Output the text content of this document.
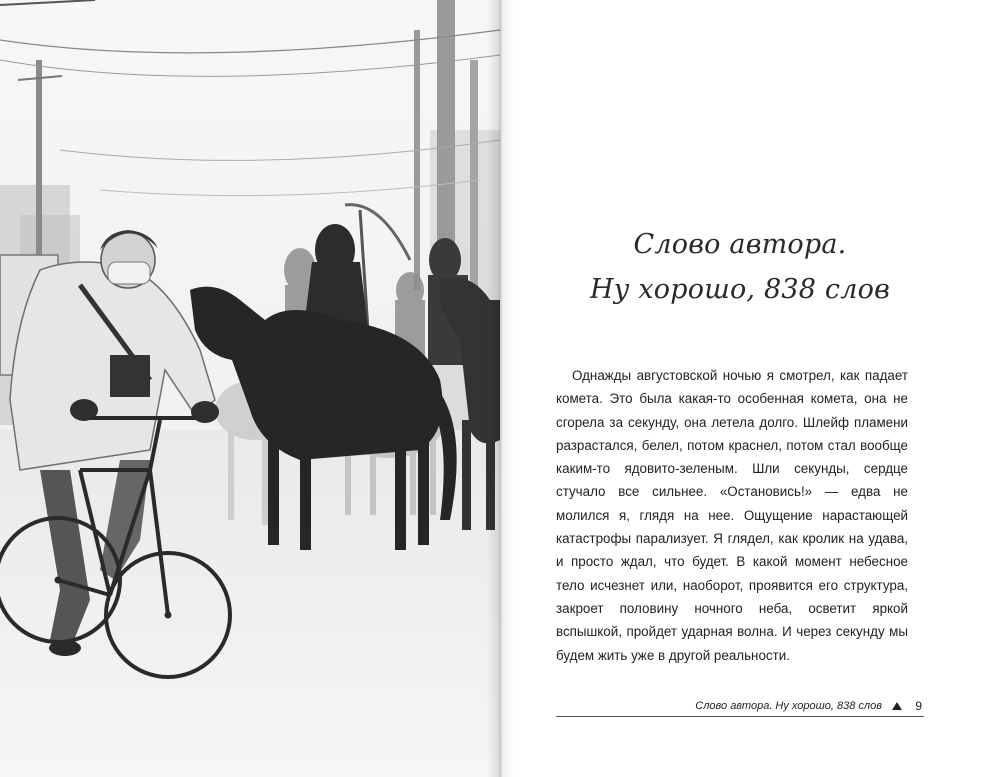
Слово автора.
Ну хорошо, 838 слов

Однажды августовской ночью я смотрел, как падает комета. Это была какая-то особенная комета, она не сгорела за секунду, она летела долго. Шлейф пламени разрастался, белел, потом краснел, потом стал вообще каким-то ядовито-зеленым. Шли секунды, сердце стучало все сильнее. «Остановись!» — едва не молился я, глядя на нее. Ощущение нарастающей катастрофы парализует. Я глядел, как кролик на удава, и просто ждал, что будет. В какой момент небесное тело исчезнет или, наоборот, проявится его структура, закроет половину ночного неба, осветит яркой вспышкой, пройдет ударная волна. И через секунду мы будем жить уже в другой реальности.

Слово автора. Ну хорошо, 838 слов	9
